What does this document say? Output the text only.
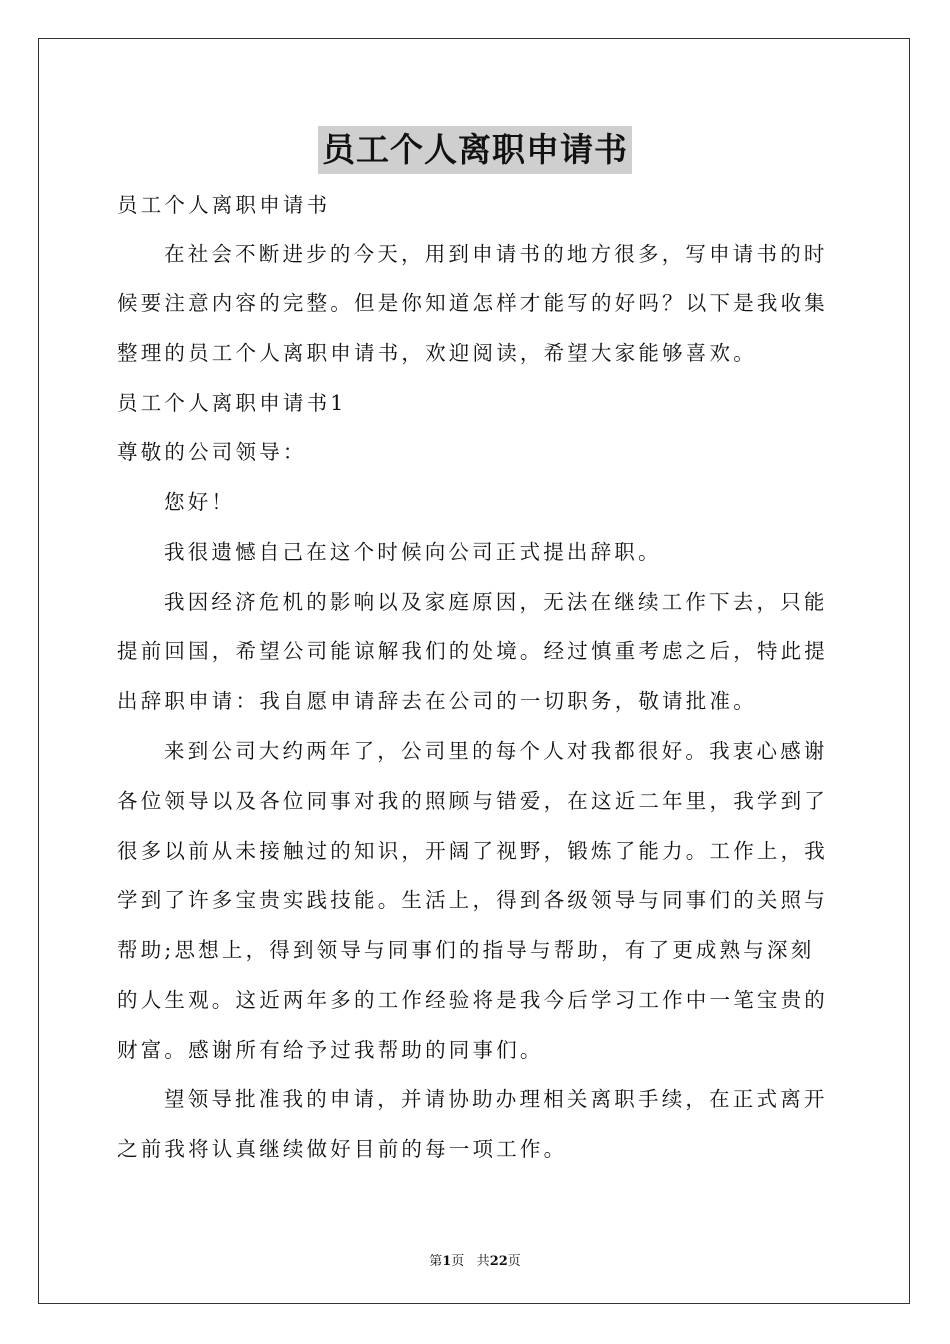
员工个人离职申请书
员工个人离职申请书
在社会不断进步的今天，用到申请书的地方很多，写申请书的时
候要注意内容的完整。但是你知道怎样才能写的好吗？以下是我收集
整理的员工个人离职申请书，欢迎阅读，希望大家能够喜欢。
员工个人离职申请书1
尊敬的公司领导：
您好！
我很遗憾自己在这个时候向公司正式提出辞职。
我因经济危机的影响以及家庭原因，无法在继续工作下去，只能
提前回国，希望公司能谅解我们的处境。经过慎重考虑之后，特此提
出辞职申请：我自愿申请辞去在公司的一切职务，敬请批准。
来到公司大约两年了，公司里的每个人对我都很好。我衷心感谢
各位领导以及各位同事对我的照顾与错爱，在这近二年里，我学到了
很多以前从未接触过的知识，开阔了视野，锻炼了能力。工作上，我
学到了许多宝贵实践技能。生活上，得到各级领导与同事们的关照与
帮助;思想上，得到领导与同事们的指导与帮助，有了更成熟与深刻
的人生观。这近两年多的工作经验将是我今后学习工作中一笔宝贵的
财富。感谢所有给予过我帮助的同事们。
望领导批准我的申请，并请协助办理相关离职手续，在正式离开
之前我将认真继续做好目前的每一项工作。
第1页 共22页
